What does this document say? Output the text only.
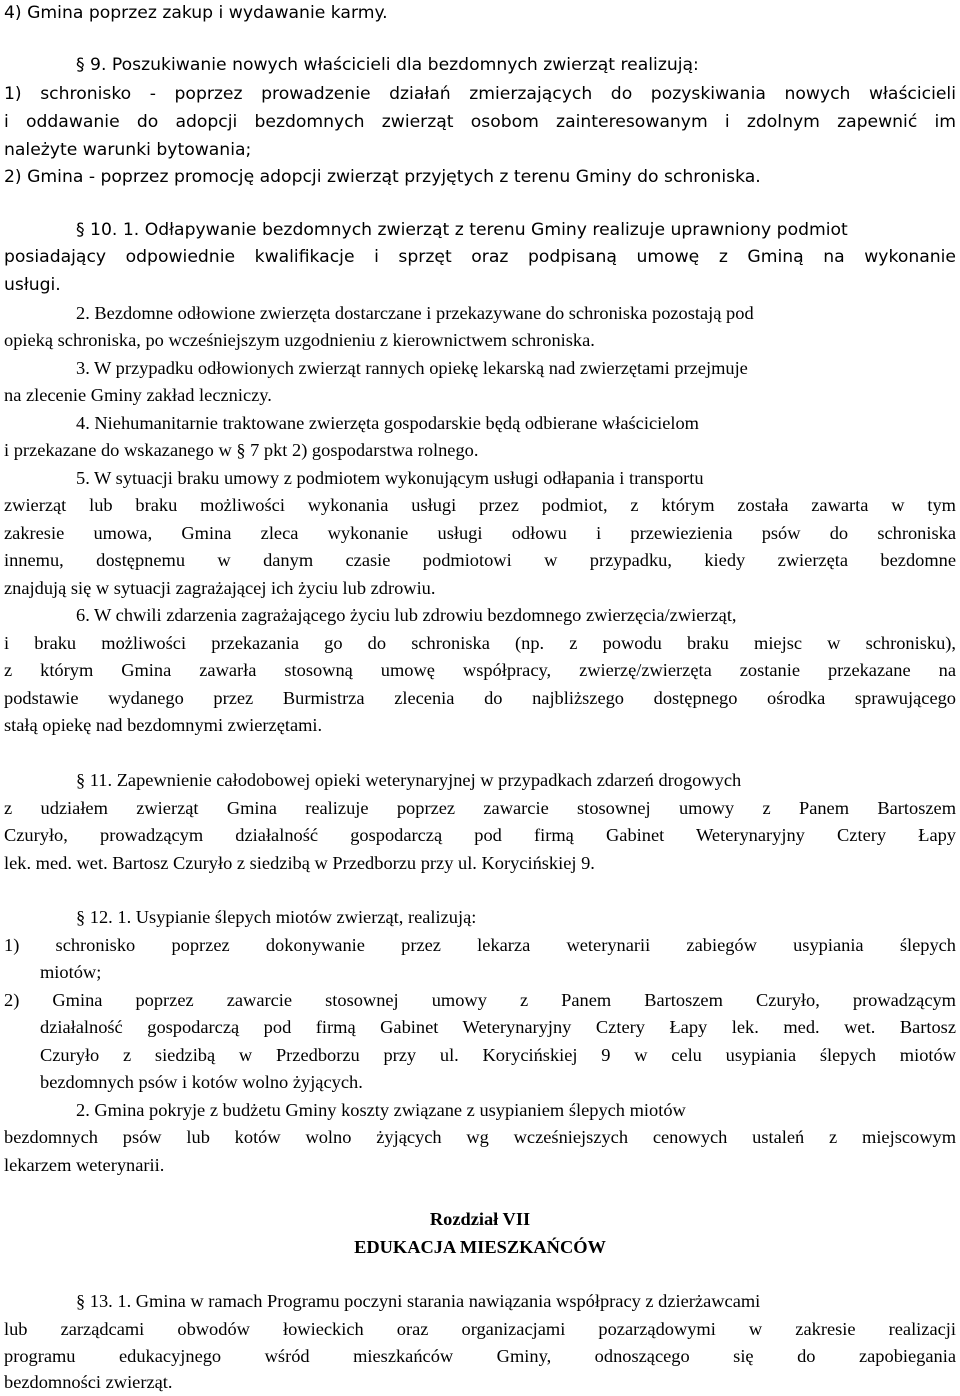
4) Gmina poprzez zakup i wydawanie karmy.
§ 9. Poszukiwanie nowych właścicieli dla bezdomnych zwierząt realizują:
1) schronisko - poprzez prowadzenie działań zmierzających do pozyskiwania nowych właścicieli
i oddawanie do adopcji bezdomnych zwierząt osobom zainteresowanym i zdolnym zapewnić im
należyte warunki bytowania;
2) Gmina - poprzez promocję adopcji zwierząt przyjętych z terenu Gminy do schroniska.
§ 10. 1. Odłapywanie bezdomnych zwierząt z terenu Gminy realizuje uprawniony podmiot
posiadający odpowiednie kwalifikacje i sprzęt oraz podpisaną umowę z Gminą na wykonanie
usługi.
2. Bezdomne odłowione zwierzęta dostarczane i przekazywane do schroniska pozostają pod
opieką schroniska, po wcześniejszym uzgodnieniu z kierownictwem schroniska.
3. W przypadku odłowionych zwierząt rannych opiekę lekarską nad zwierzętami przejmuje
na zlecenie Gminy zakład leczniczy.
4. Niehumanitarnie traktowane zwierzęta gospodarskie będą odbierane właścicielom
i przekazane do wskazanego w § 7 pkt 2) gospodarstwa rolnego.
5. W sytuacji braku umowy z podmiotem wykonującym usługi odłapania i transportu
zwierząt lub braku możliwości wykonania usługi przez podmiot, z którym została zawarta w tym
zakresie umowa, Gmina zleca wykonanie usługi odłowu i przewiezienia psów do schroniska
innemu, dostępnemu w danym czasie podmiotowi w przypadku, kiedy zwierzęta bezdomne
znajdują się w sytuacji zagrażającej ich życiu lub zdrowiu.
6. W chwili zdarzenia zagrażającego życiu lub zdrowiu bezdomnego zwierzęcia/zwierząt,
i braku możliwości przekazania go do schroniska (np. z powodu braku miejsc w schronisku),
z którym Gmina zawarła stosowną umowę współpracy, zwierzę/zwierzęta zostanie przekazane na
podstawie wydanego przez Burmistrza zlecenia do najbliższego dostępnego ośrodka sprawującego
stałą opiekę nad bezdomnymi zwierzętami.
§ 11. Zapewnienie całodobowej opieki weterynaryjnej w przypadkach zdarzeń drogowych
z udziałem zwierząt Gmina realizuje poprzez zawarcie stosownej umowy z Panem Bartoszem
Czuryło, prowadzącym działalność gospodarczą pod firmą Gabinet Weterynaryjny Cztery Łapy
lek. med. wet. Bartosz Czuryło z siedzibą w Przedborzu przy ul. Korycińskiej 9.
§ 12. 1. Usypianie ślepych miotów zwierząt, realizują:
1) schronisko poprzez dokonywanie przez lekarza weterynarii zabiegów usypiania ślepych
miotów;
2) Gmina poprzez zawarcie stosownej umowy z Panem Bartoszem Czuryło, prowadzącym
działalność gospodarczą pod firmą Gabinet Weterynaryjny Cztery Łapy lek. med. wet. Bartosz
Czuryło z siedzibą w Przedborzu przy ul. Korycińskiej 9 w celu usypiania ślepych miotów
bezdomnych psów i kotów wolno żyjących.
2. Gmina pokryje z budżetu Gminy koszty związane z usypianiem ślepych miotów
bezdomnych psów lub kotów wolno żyjących wg wcześniejszych cenowych ustaleń z miejscowym
lekarzem weterynarii.
Rozdział VII
EDUKACJA MIESZKAŃCÓW
§ 13. 1. Gmina w ramach Programu poczyni starania nawiązania współpracy z dzierżawcami
lub zarządcami obwodów łowieckich oraz organizacjami pozarządowymi w zakresie realizacji
programu edukacyjnego wśród mieszkańców Gminy, odnoszącego się do zapobiegania
bezdomności zwierząt.
